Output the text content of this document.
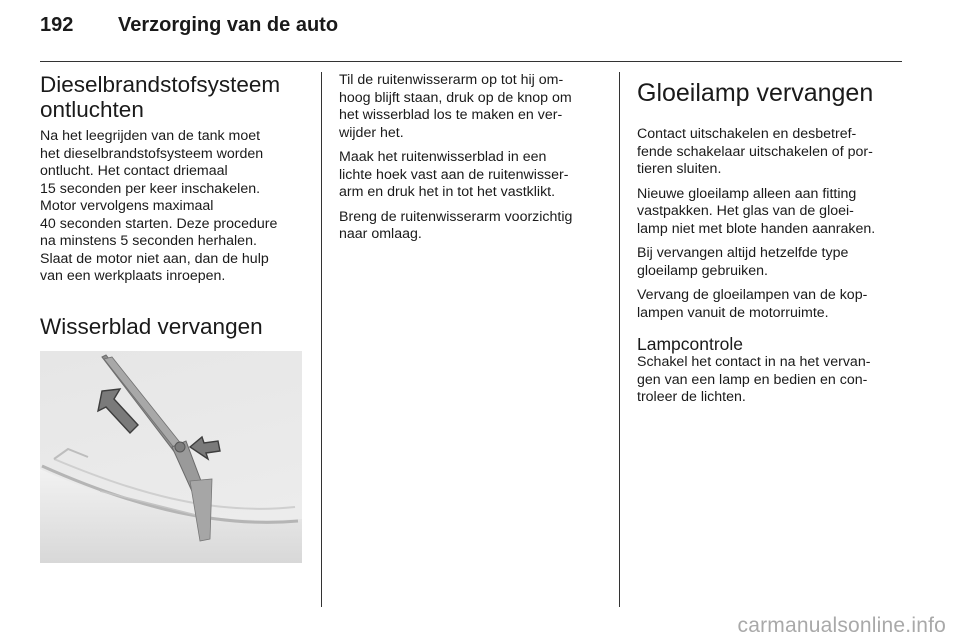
192 Verzorging van de auto
Dieselbrandstofsysteem
ontluchten

Na het leegrijden van de tank moet
het dieselbrandstofsysteem worden
ontlucht. Het contact driemaal
15 seconden per keer inschakelen.
Motor vervolgens maximaal
40 seconden starten. Deze procedure
na minstens 5 seconden herhalen.
Slaat de motor niet aan, dan de hulp
van een werkplaats inroepen.

Wisserblad vervangen

Til de ruitenwisserarm op tot hij om-
hoog blijft staan, druk op de knop om
het wisserblad los te maken en ver-
wijder het.

Maak het ruitenwisserblad in een
lichte hoek vast aan de ruitenwisser-
arm en druk het in tot het vastklikt.

Breng de ruitenwisserarm voorzichtig
naar omlaag.

Gloeilamp vervangen

Contact uitschakelen en desbetref-
fende schakelaar uitschakelen of por-
tieren sluiten.

Nieuwe gloeilamp alleen aan fitting
vastpakken. Het glas van de gloei-
lamp niet met blote handen aanraken.

Bij vervangen altijd hetzelfde type
gloeilamp gebruiken.

Vervang de gloeilampen van de kop-
lampen vanuit de motorruimte.

Lampcontrole

Schakel het contact in na het vervan-
gen van een lamp en bedien en con-
troleer de lichten.

carmanualsonline.info
